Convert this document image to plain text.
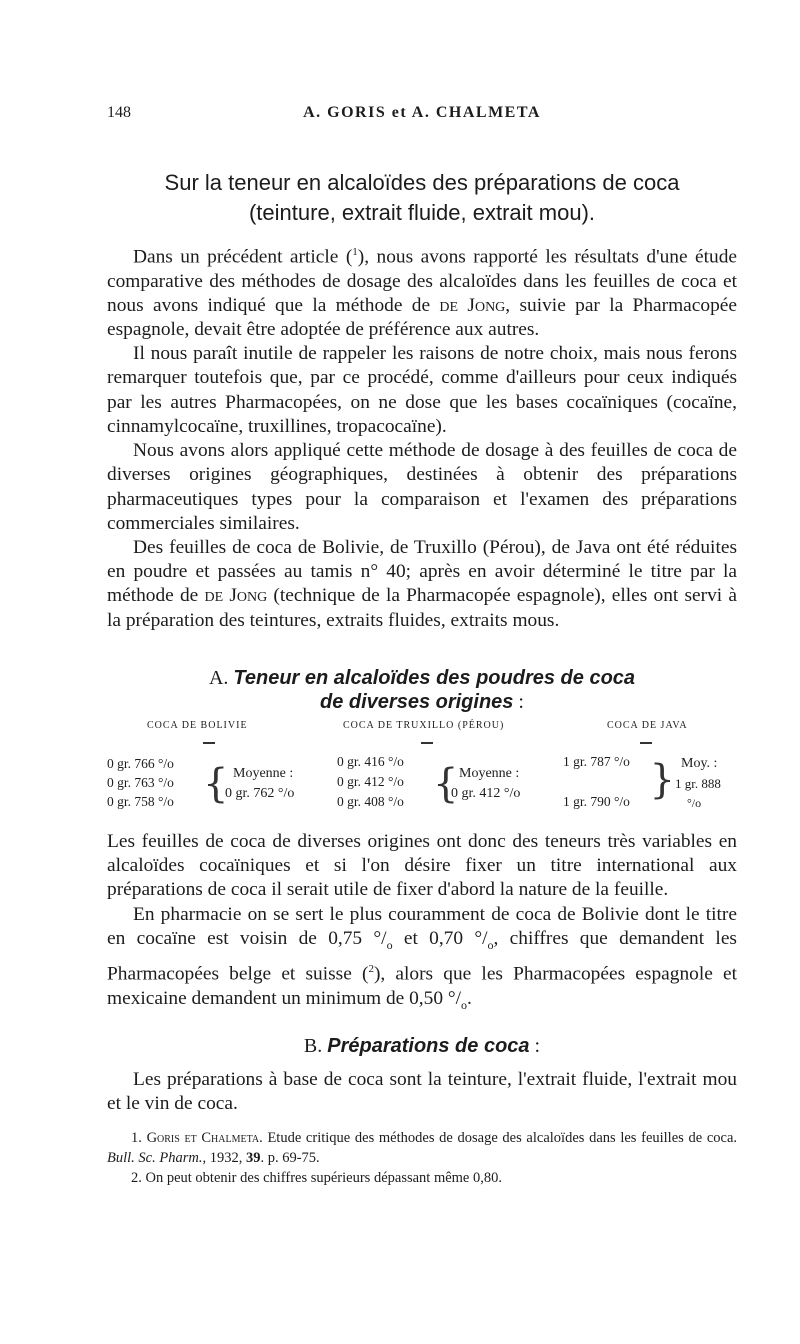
148	A. GORIS et A. CHALMETA
Sur la teneur en alcaloïdes des préparations de coca
(teinture, extrait fluide, extrait mou).

Dans un précédent article ($^1$), nous avons rapporté les résultats d'une étude comparative des méthodes de dosage des alcaloïdes dans les feuilles de coca et nous avons indiqué que la méthode de de Jong, suivie par la Pharmacopée espagnole, devait être adoptée de préférence aux autres.

Il nous paraît inutile de rappeler les raisons de notre choix, mais nous ferons remarquer toutefois que, par ce procédé, comme d'ailleurs pour ceux indiqués par les autres Pharmacopées, on ne dose que les bases cocaïniques (cocaïne, cinnamylcocaïne, truxillines, tropacocaïne).

Nous avons alors appliqué cette méthode de dosage à des feuilles de coca de diverses origines géographiques, destinées à obtenir des préparations pharmaceutiques types pour la comparaison et l'examen des préparations commerciales similaires.

Des feuilles de coca de Bolivie, de Truxillo (Pérou), de Java ont été réduites en poudre et passées au tamis n° 40; après en avoir déterminé le titre par la méthode de de Jong (technique de la Pharmacopée espagnole), elles ont servi à la préparation des teintures, extraits fluides, extraits mous.

A. Teneur en alcaloïdes des poudres de coca
de diverses origines :
COCA DE BOLIVIE
0 gr. 766 °/o
0 gr. 763 °/o
0 gr. 758 °/o { Moyenne :
0 gr. 762 °/o
COCA DE TRUXILLO (PÉROU)
0 gr. 416 °/o
0 gr. 412 °/o
0 gr. 408 °/o { Moyenne :
0 gr. 412 °/o
COCA DE JAVA
1 gr. 787 °/o
1 gr. 790 °/o { Moy. :
1 gr. 888
°/o

Les feuilles de coca de diverses origines ont donc des teneurs très variables en alcaloïdes cocaïniques et si l'on désire fixer un titre international aux préparations de coca il serait utile de fixer d'abord la nature de la feuille.

En pharmacie on se sert le plus couramment de coca de Bolivie dont le titre en cocaïne est voisin de 0,75 $^\circ/_o$ et 0,70 $^\circ/_o$, chiffres que demandent les Pharmacopées belge et suisse ($^2$), alors que les Pharmacopées espagnole et mexicaine demandent un minimum de 0,50 $^\circ/_o$.

B. Préparations de coca :

Les préparations à base de coca sont la teinture, l'extrait fluide, l'extrait mou et le vin de coca.

1. Goris et Chalmeta. Etude critique des méthodes de dosage des alcaloïdes dans les feuilles de coca. Bull. Sc. Pharm., 1932, 39. p. 69-75.

2. On peut obtenir des chiffres supérieurs dépassant même 0,80.
